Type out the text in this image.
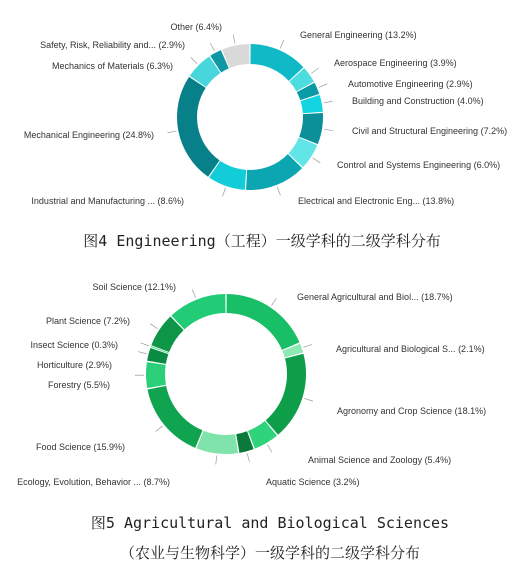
General Engineering (13.2%)
Aerospace Engineering (3.9%)
Automotive Engineering (2.9%)
Building and Construction (4.0%)
Civil and Structural Engineering (7.2%)
Control and Systems Engineering (6.0%)
Electrical and Electronic Eng... (13.8%)
Industrial and Manufacturing ... (8.6%)
Mechanical Engineering (24.8%)
Mechanics of Materials (6.3%)
Safety, Risk, Reliability and... (2.9%)
Other (6.4%)
图4 Engineering（工程）一级学科的二级学科分布
General Agricultural and Biol... (18.7%)
Agricultural and Biological S... (2.1%)
Agronomy and Crop Science (18.1%)
Animal Science and Zoology (5.4%)
Aquatic Science (3.2%)
Ecology, Evolution, Behavior ... (8.7%)
Food Science (15.9%)
Forestry (5.5%)
Horticulture (2.9%)
Insect Science (0.3%)
Plant Science (7.2%)
Soil Science (12.1%)
图5 Agricultural and Biological Sciences
（农业与生物科学）一级学科的二级学科分布
